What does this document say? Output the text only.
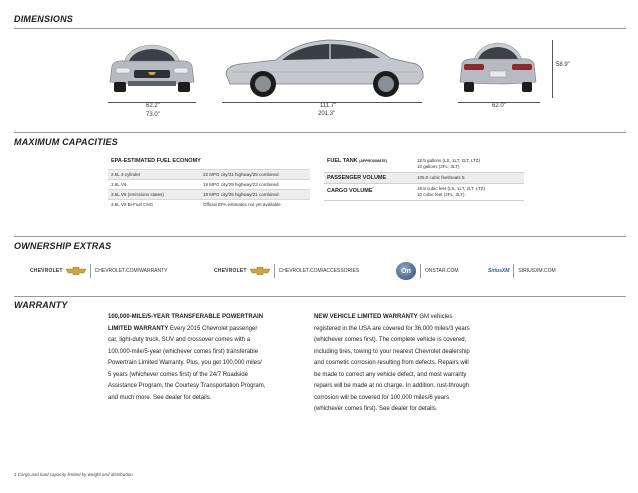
DIMENSIONS
62.2"
73.0"
111.7"
201.3"
62.0"
58.9"
MAXIMUM CAPACITIES
EPA-ESTIMATED FUEL ECONOMY
2.5L 4-cylinder	22 MPG city/31 highway/25 combined
3.6L V6	19 MPG city/29 highway/22 combined
3.6L V6 (emissions states)	18 MPG city/28 highway/21 combined
3.6L V6 Bi-Fuel CNG	Official EPA estimates not yet available
FUEL TANK (APPROXIMATE)	18.5 gallons (LS, 1LT, 2LT, LTZ)
10 gallons (2FL, 3LT)
PASSENGER VOLUME	105.0 cubic feet/seats 5
CARGO $VOLUME^{^1}$	18.8 cubic feet (LS, 1LT, 2LT, LTZ)
10 cubic feet (2FL, 3LT)
OWNERSHIP EXTRAS
CHEVROLET	CHEVROLET.COM/WARRANTY	CHEVROLET	CHEVROLET.COM/ACCESSORIES	On	ONSTAR.COM	SiriusXM SIRIUSXM.COM
WARRANTY
100,000-MILE/5-YEAR TRANSFERABLE POWERTRAIN
LIMITED WARRANTY Every 2015 Chevrolet passenger
car, light-duty truck, SUV and crossover comes with a
100,000-mile/5-year (whichever comes first) transferable
Powertrain Limited Warranty. Plus, you get 100,000 miles/
5 years (whichever comes first) of the 24/7 Roadside
Assistance Program, the Courtesy Transportation Program,
and much more. See dealer for details.
NEW VEHICLE LIMITED WARRANTY GM vehicles
registered in the USA are covered for 36,000 miles/3 years
(whichever comes first). The complete vehicle is covered,
including tires, towing to your nearest Chevrolet dealership
and cosmetic corrosion resulting from defects. Repairs will
be made to correct any vehicle defect, and most warranty
repairs will be made at no charge. In addition, rust-through
corrosion will be covered for 100,000 miles/6 years
(whichever comes first). See dealer for details.
1 Cargo and load capacity limited by weight and distribution.
